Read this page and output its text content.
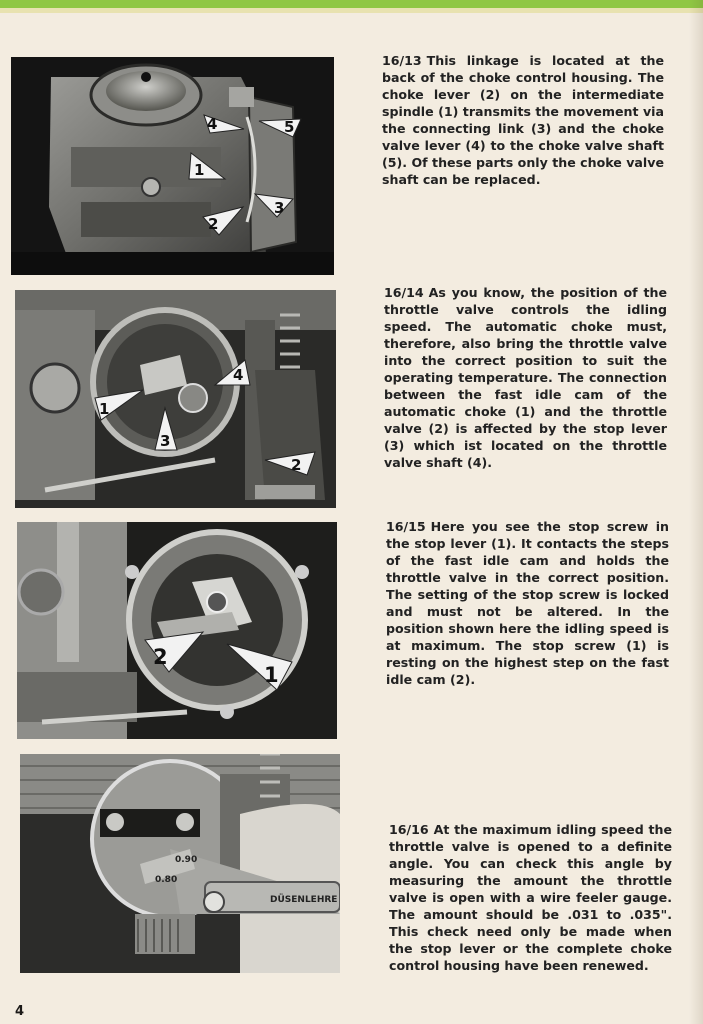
4	5
1
3
2
16/13 This linkage is located at the back of the choke control housing. The choke lever (2) on the intermediate spindle (1) transmits the movement via the connecting link (3) and the choke valve lever (4) to the choke valve shaft (5). Of these parts only the choke valve shaft can be replaced.
1
4
3
2
16/14 As you know, the position of the throttle valve controls the idling speed. The automatic choke must, therefore, also bring the throttle valve into the correct position to suit the operating temperature. The connection between the fast idle cam of the automatic choke (1) and the throttle valve (2) is affected by the stop lever (3) which ist located on the throttle valve shaft (4).
2
1
16/15 Here you see the stop screw in the stop lever (1). It contacts the steps of the fast idle cam and holds the throttle valve in the correct position. The setting of the stop screw is locked and must not be altered. In the position shown here the idling speed is at maximum. The stop screw (1) is resting on the highest step on the fast idle cam (2).
0.90
0.80
DÜSENLEHRE
16/16 At the maximum idling speed the throttle valve is opened to a definite angle. You can check this angle by measuring the amount the throttle valve is open with a wire feeler gauge. The amount should be .031 to .035". This check need only be made when the stop lever or the complete choke control housing have been renewed.
4
